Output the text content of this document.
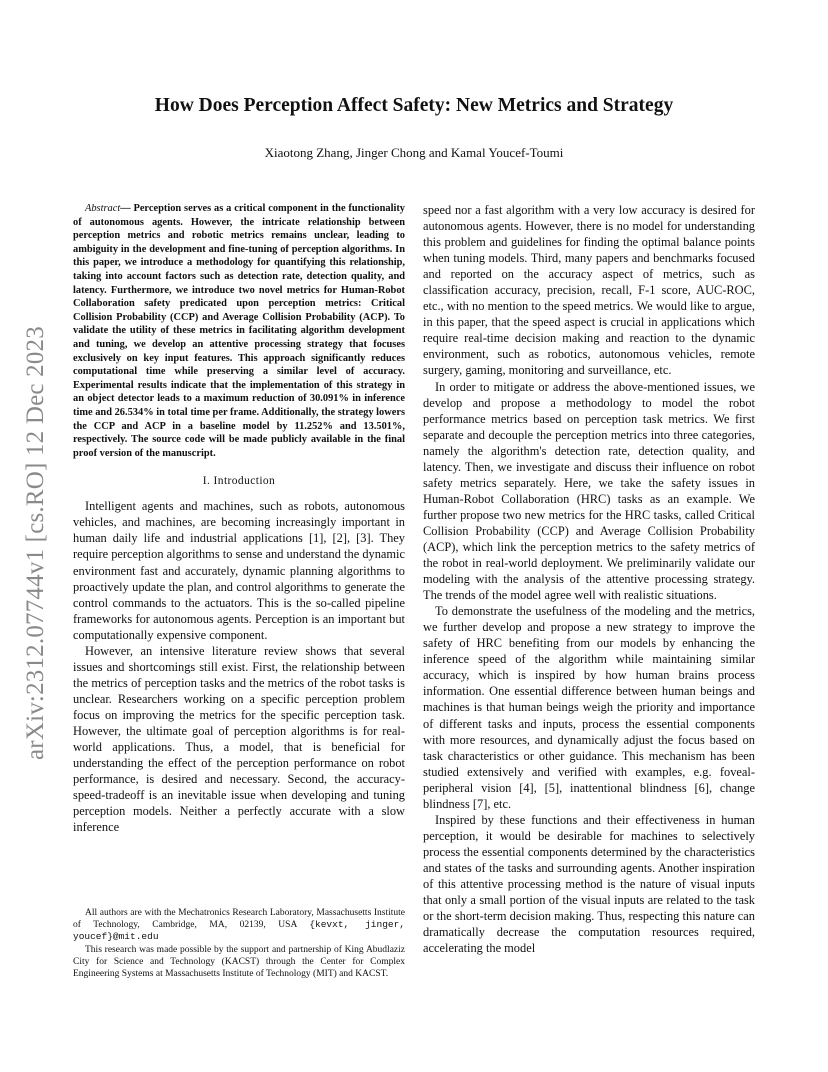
arXiv:2312.07744v1 [cs.RO] 12 Dec 2023
How Does Perception Affect Safety: New Metrics and Strategy
Xiaotong Zhang, Jinger Chong and Kamal Youcef-Toumi

Abstract— Perception serves as a critical component in the functionality of autonomous agents. However, the intricate relationship between perception metrics and robotic metrics remains unclear, leading to ambiguity in the development and fine-tuning of perception algorithms. In this paper, we introduce a methodology for quantifying this relationship, taking into account factors such as detection rate, detection quality, and latency. Furthermore, we introduce two novel metrics for Human-Robot Collaboration safety predicated upon perception metrics: Critical Collision Probability (CCP) and Average Collision Probability (ACP). To validate the utility of these metrics in facilitating algorithm development and tuning, we develop an attentive processing strategy that focuses exclusively on key input features. This approach significantly reduces computational time while preserving a similar level of accuracy. Experimental results indicate that the implementation of this strategy in an object detector leads to a maximum reduction of 30.091% in inference time and 26.534% in total time per frame. Additionally, the strategy lowers the CCP and ACP in a baseline model by 11.252% and 13.501%, respectively. The source code will be made publicly available in the final proof version of the manuscript.

I. Introduction

Intelligent agents and machines, such as robots, autonomous vehicles, and machines, are becoming increasingly important in human daily life and industrial applications [1], [2], [3]. They require perception algorithms to sense and understand the dynamic environment fast and accurately, dynamic planning algorithms to proactively update the plan, and control algorithms to generate the control commands to the actuators. This is the so-called pipeline frameworks for autonomous agents. Perception is an important but computationally expensive component.

However, an intensive literature review shows that several issues and shortcomings still exist. First, the relationship between the metrics of perception tasks and the metrics of the robot tasks is unclear. Researchers working on a specific perception problem focus on improving the metrics for the specific perception task. However, the ultimate goal of perception algorithms is for real-world applications. Thus, a model, that is beneficial for understanding the effect of the perception performance on robot performance, is desired and necessary. Second, the accuracy-speed-tradeoff is an inevitable issue when developing and tuning perception models. Neither a perfectly accurate with a slow inference

All authors are with the Mechatronics Research Laboratory, Massachusetts Institute of Technology, Cambridge, MA, 02139, USA {kevxt, jinger, youcef}@mit.edu

This research was made possible by the support and partnership of King Abudlaziz City for Science and Technology (KACST) through the Center for Complex Engineering Systems at Massachusetts Institute of Technology (MIT) and KACST.

speed nor a fast algorithm with a very low accuracy is desired for autonomous agents. However, there is no model for understanding this problem and guidelines for finding the optimal balance points when tuning models. Third, many papers and benchmarks focused and reported on the accuracy aspect of metrics, such as classification accuracy, precision, recall, F-1 score, AUC-ROC, etc., with no mention to the speed metrics. We would like to argue, in this paper, that the speed aspect is crucial in applications which require real-time decision making and reaction to the dynamic environment, such as robotics, autonomous vehicles, remote surgery, gaming, monitoring and surveillance, etc.

In order to mitigate or address the above-mentioned issues, we develop and propose a methodology to model the robot performance metrics based on perception task metrics. We first separate and decouple the perception metrics into three categories, namely the algorithm's detection rate, detection quality, and latency. Then, we investigate and discuss their influence on robot safety metrics separately. Here, we take the safety issues in Human-Robot Collaboration (HRC) tasks as an example. We further propose two new metrics for the HRC tasks, called Critical Collision Probability (CCP) and Average Collision Probability (ACP), which link the perception metrics to the safety metrics of the robot in real-world deployment. We preliminarily validate our modeling with the analysis of the attentive processing strategy. The trends of the model agree well with realistic situations.

To demonstrate the usefulness of the modeling and the metrics, we further develop and propose a new strategy to improve the safety of HRC benefiting from our models by enhancing the inference speed of the algorithm while maintaining similar accuracy, which is inspired by how human brains process information. One essential difference between human beings and machines is that human beings weigh the priority and importance of different tasks and inputs, process the essential components with more resources, and dynamically adjust the focus based on task characteristics or other guidance. This mechanism has been studied extensively and verified with examples, e.g. foveal-peripheral vision [4], [5], inattentional blindness [6], change blindness [7], etc.

Inspired by these functions and their effectiveness in human perception, it would be desirable for machines to selectively process the essential components determined by the characteristics and states of the tasks and surrounding agents. Another inspiration of this attentive processing method is the nature of visual inputs that only a small portion of the visual inputs are related to the task or the short-term decision making. Thus, respecting this nature can dramatically decrease the computation resources required, accelerating the model
